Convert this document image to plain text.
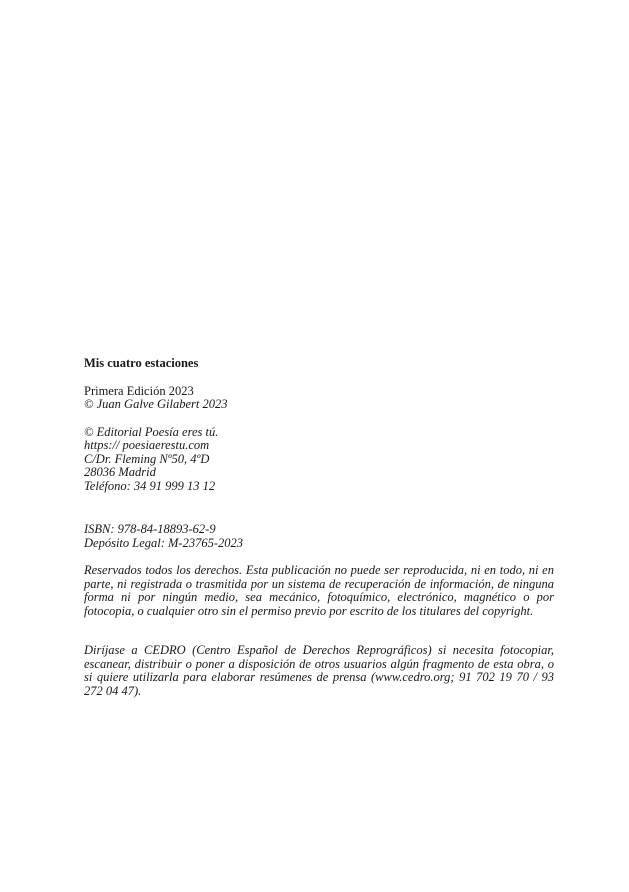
Mis cuatro estaciones
Primera Edición 2023
© Juan Galve Gilabert 2023
© Editorial Poesía eres tú.
https:// poesiaerestu.com
C/Dr. Fleming Nº50, 4ºD
28036 Madrid
Teléfono: 34 91 999 13 12
ISBN: 978-84-18893-62-9
Depósito Legal: M-23765-2023
Reservados todos los derechos. Esta publicación no puede ser reproducida, ni en todo, ni en parte, ni registrada o trasmitida por un sistema de recuperación de información, de ninguna forma ni por ningún medio, sea mecánico, fotoquímico, electrónico, magnético o por fotocopia, o cualquier otro sin el permiso previo por escrito de los titulares del copyright.
Diríjase a CEDRO (Centro Español de Derechos Reprográficos) si necesita fotocopiar, escanear, distribuir o poner a disposición de otros usuarios algún fragmento de esta obra, o si quiere utilizarla para elaborar resúmenes de prensa (www.cedro.org; 91 702 19 70 / 93 272 04 47).
